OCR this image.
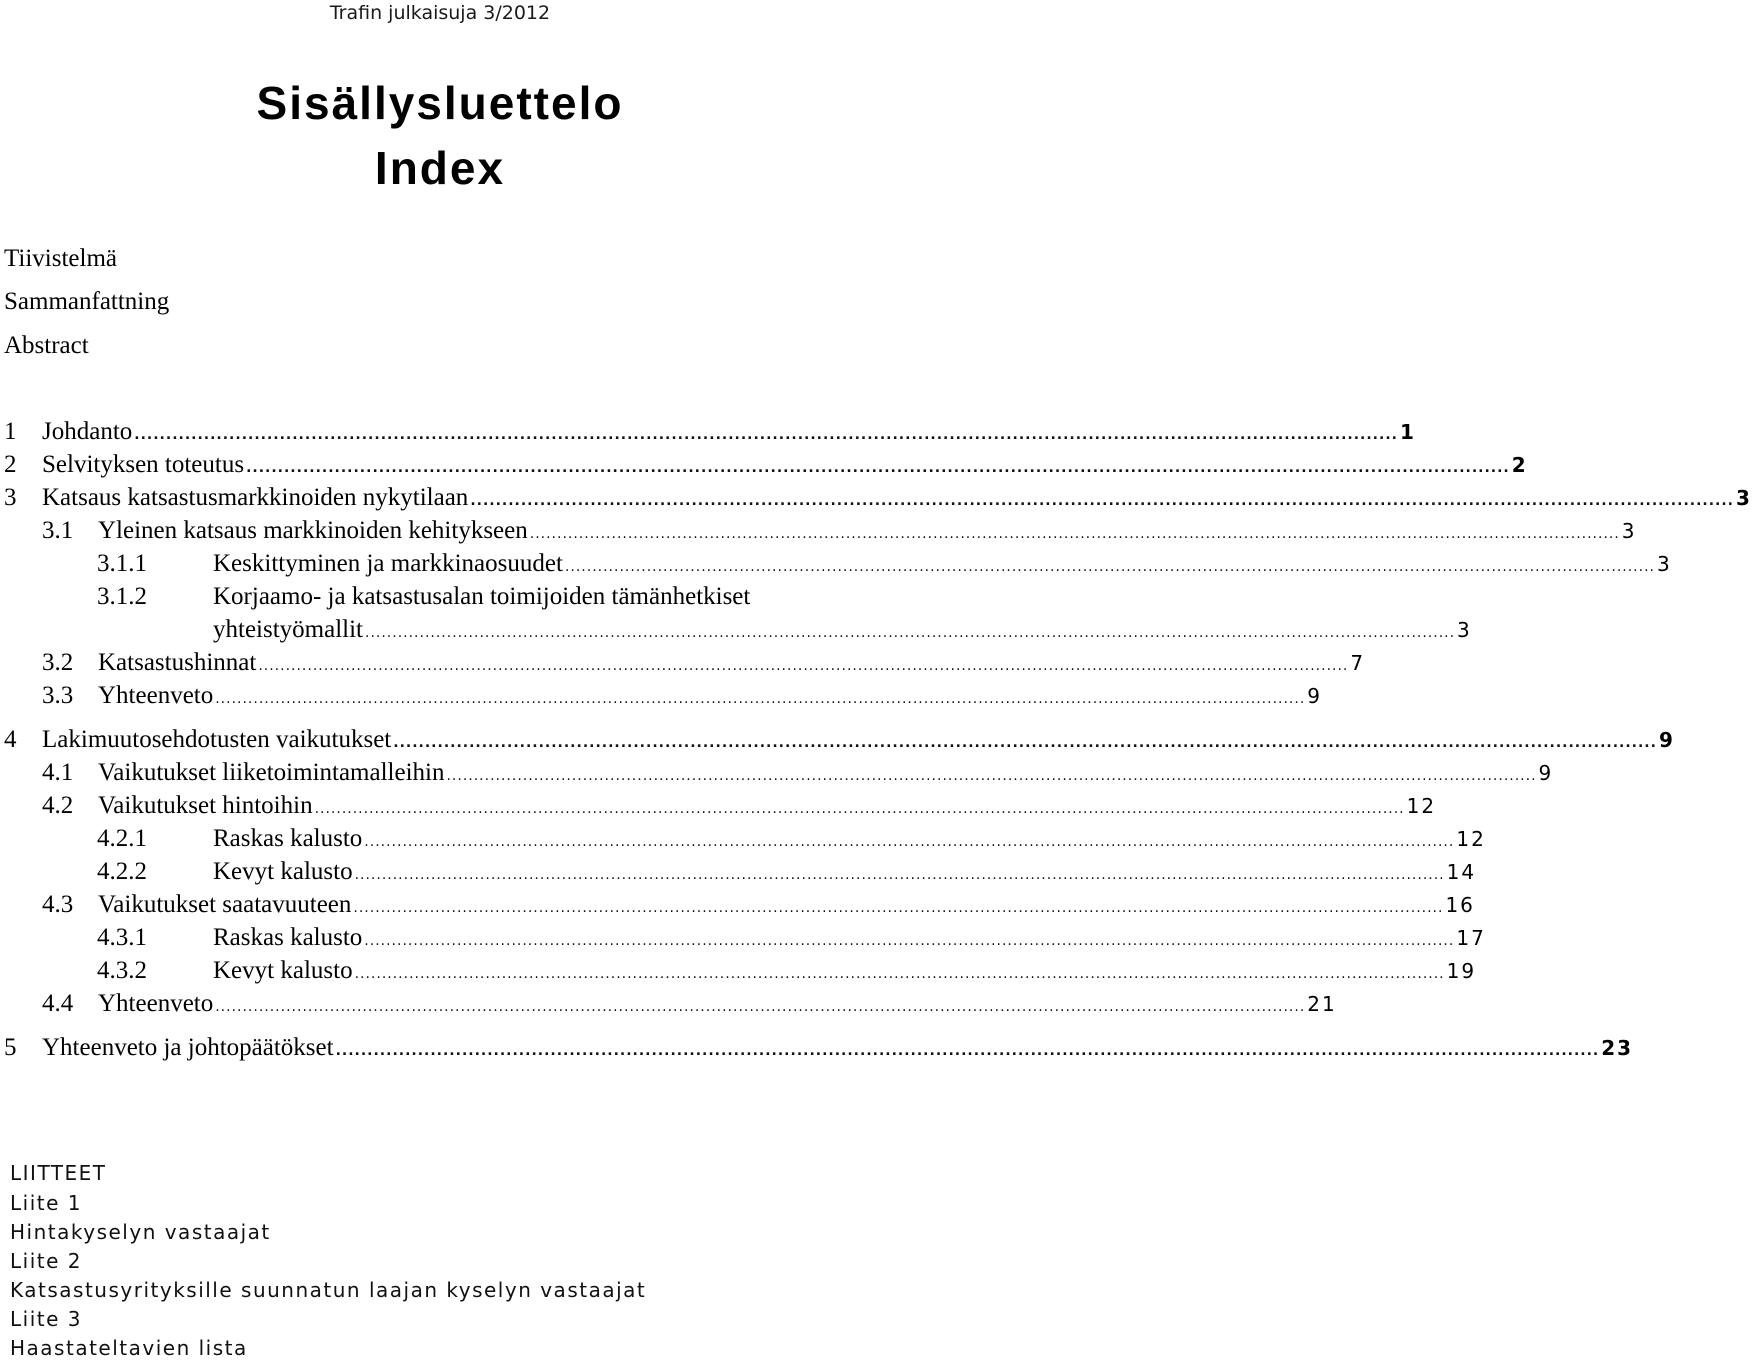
Trafin julkaisuja 3/2012
Sisällysluettelo
Index
Tiivistelmä
Sammanfattning
Abstract
1 Johdanto ........................................................................................................................................................................................................ 1
2 Selvityksen toteutus ........................................................................................................................................................................................................ 2
3 Katsaus katsastusmarkkinoiden nykytilaan ........................................................................................................................................................................................................ 3
3.1 Yleinen katsaus markkinoiden kehitykseen ........................................................................................................................................................................................................ 3
3.1.1	Keskittyminen ja markkinaosuudet ........................................................................................................................................................................................................ 3
3.1.2	Korjaamo- ja katsastusalan toimijoiden tämänhetkiset
yhteistyömallit ........................................................................................................................................................................................................ 3
3.2 Katsastushinnat ........................................................................................................................................................................................................ 7
3.3 Yhteenveto ........................................................................................................................................................................................................ 9
4 Lakimuutosehdotusten vaikutukset ........................................................................................................................................................................................................ 9
4.1 Vaikutukset liiketoimintamalleihin ........................................................................................................................................................................................................ 9
4.2 Vaikutukset hintoihin ........................................................................................................................................................................................................ 12
4.2.1	Raskas kalusto ........................................................................................................................................................................................................ 12
4.2.2	Kevyt kalusto ........................................................................................................................................................................................................ 14
4.3 Vaikutukset saatavuuteen ........................................................................................................................................................................................................ 16
4.3.1	Raskas kalusto ........................................................................................................................................................................................................ 17
4.3.2	Kevyt kalusto ........................................................................................................................................................................................................ 19
4.4 Yhteenveto ........................................................................................................................................................................................................ 21
5 Yhteenveto ja johtopäätökset ........................................................................................................................................................................................................ 23
LIITTEET
Liite 1
Hintakyselyn vastaajat
Liite 2
Katsastusyrityksille suunnatun laajan kyselyn vastaajat
Liite 3
Haastateltavien lista
